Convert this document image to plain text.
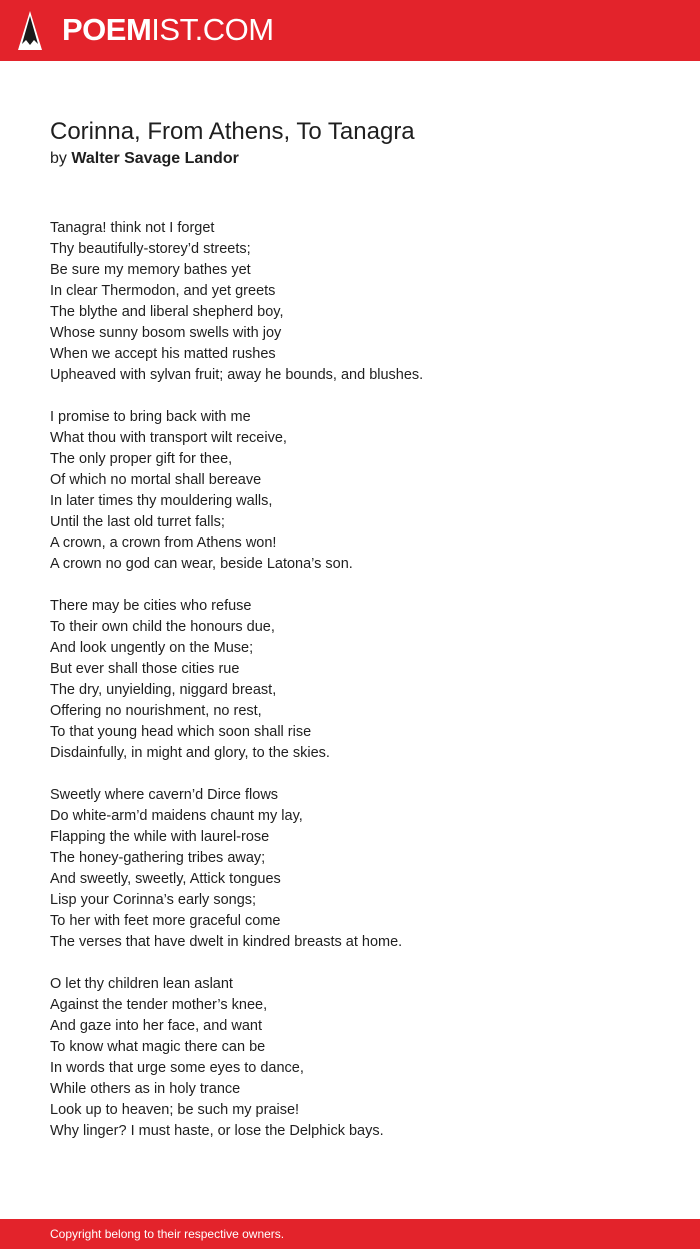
POEMIST.COM
Corinna, From Athens, To Tanagra
by Walter Savage Landor
Tanagra! think not I forget
Thy beautifully-storey’d streets;
Be sure my memory bathes yet
In clear Thermodon, and yet greets
The blythe and liberal shepherd boy,
Whose sunny bosom swells with joy
When we accept his matted rushes
Upheaved with sylvan fruit; away he bounds, and blushes.
I promise to bring back with me
What thou with transport wilt receive,
The only proper gift for thee,
Of which no mortal shall bereave
In later times thy mouldering walls,
Until the last old turret falls;
A crown, a crown from Athens won!
A crown no god can wear, beside Latona’s son.
There may be cities who refuse
To their own child the honours due,
And look ungently on the Muse;
But ever shall those cities rue
The dry, unyielding, niggard breast,
Offering no nourishment, no rest,
To that young head which soon shall rise
Disdainfully, in might and glory, to the skies.
Sweetly where cavern’d Dirce flows
Do white-arm’d maidens chaunt my lay,
Flapping the while with laurel-rose
The honey-gathering tribes away;
And sweetly, sweetly, Attick tongues
Lisp your Corinna’s early songs;
To her with feet more graceful come
The verses that have dwelt in kindred breasts at home.
O let thy children lean aslant
Against the tender mother’s knee,
And gaze into her face, and want
To know what magic there can be
In words that urge some eyes to dance,
While others as in holy trance
Look up to heaven; be such my praise!
Why linger? I must haste, or lose the Delphick bays.
Copyright belong to their respective owners.
